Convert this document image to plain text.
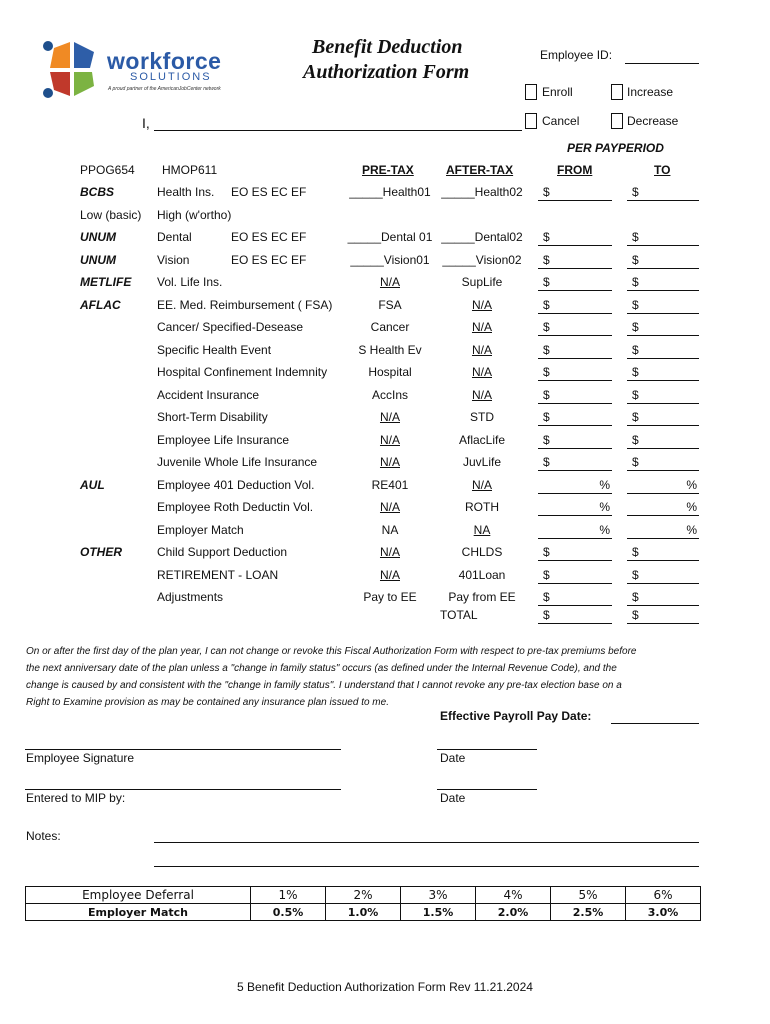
workforce
SOLUTIONS
A proud partner of the AmericanJobCenter network
Benefit Deduction
Authorization Form
Employee ID:
Enroll	Increase
Cancel	Decrease
I,
PER PAYPERIOD
PRE-TAX	AFTER-TAX	FROM	TO
PPOG654 HMOP611
BCBS	Health Ins. EO ES EC EF	_____Health01 _____Health02	$	$
Low (basic) High (w'ortho)
UNUM	Dental	EO ES EC EF	_____Dental 01 _____Dental02	$	$
UNUM	Vision	EO ES EC EF	_____Vision01	_____Vision02	$	$
METLIFE Vol. Life Ins.	N/A	SupLife	$	$
AFLAC	EE. Med. Reimbursement ( FSA)	FSA	N/A	$	$
Cancer/ Specified-Desease	Cancer	N/A	$	$
Specific Health Event	S Health Ev	N/A	$	$
Hospital Confinement Indemnity	Hospital	N/A	$	$
Accident Insurance	AccIns	N/A	$	$
Short-Term Disability	N/A	STD	$	$
Employee Life Insurance	N/A	AflacLife	$	$
Juvenile Whole Life Insurance	N/A	JuvLife	$	$
AUL	Employee 401 Deduction Vol.	RE401	N/A	%	%
Employee Roth Deductin Vol.	N/A	ROTH	%	%
Employer Match	NA	NA	%	%
OTHER	Child Support Deduction	N/A	CHLDS	$	$
RETIREMENT - LOAN	N/A	401Loan	$	$
Adjustments	Pay to EE	Pay from EE	$	$
TOTAL	$	$
On or after the first day of the plan year, I can not change or revoke this Fiscal Authorization Form with respect to pre-tax premiums before
the next anniversary date of the plan unless a "change in family status" occurs (as defined under the Internal Revenue Code), and the
change is caused by and consistent with the "change in family status". I understand that I cannot revoke any pre-tax election base on a
Right to Examine provision as may be contained any insurance plan issued to me.
Effective Payroll Pay Date:
Employee Signature	Date
Entered to MIP by:	Date
Notes:
Employee Deferral	1%	2%	3%	4%	5%	6%
Employer Match	0.5%	1.0%	1.5%	2.0%	2.5%	3.0%
5 Benefit Deduction Authorization Form Rev 11.21.2024
